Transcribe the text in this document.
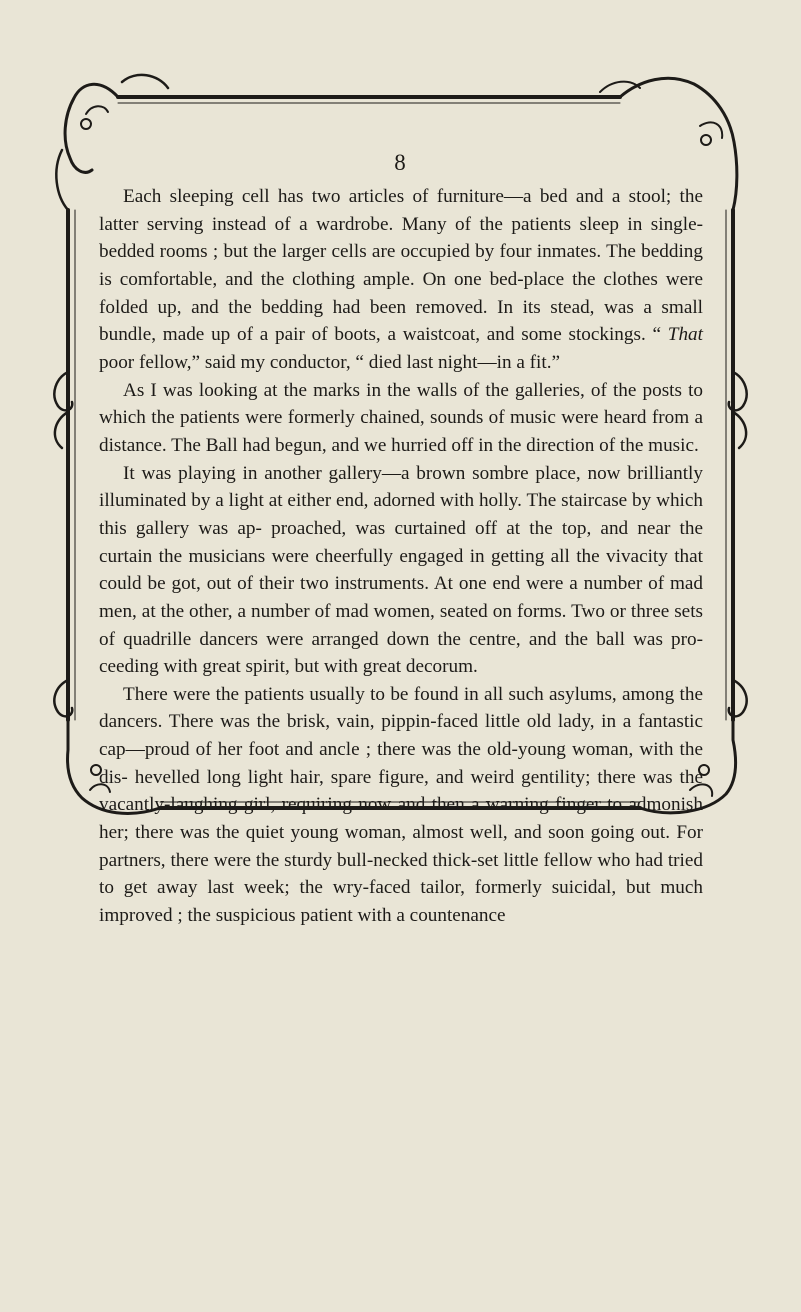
8

Each sleeping cell has two articles of furniture—a bed and a stool; the latter serving instead of a wardrobe. Many of the patients sleep in single-bedded rooms ; but the larger cells are occupied by four inmates. The bedding is comfortable, and the clothing ample. On one bed-place the clothes were folded up, and the bedding had been removed. In its stead, was a small bundle, made up of a pair of boots, a waistcoat, and some stockings. “ That poor fellow,” said my conductor, “ died last night—in a fit.”

As I was looking at the marks in the walls of the galleries, of the posts to which the patients were formerly chained, sounds of music were heard from a distance. The Ball had begun, and we hurried off in the direction of the music.

It was playing in another gallery—a brown sombre place, now brilliantly illuminated by a light at either end, adorned with holly. The staircase by which this gallery was ap- proached, was curtained off at the top, and near the curtain the musicians were cheerfully engaged in getting all the vivacity that could be got, out of their two instruments. At one end were a number of mad men, at the other, a number of mad women, seated on forms. Two or three sets of quadrille dancers were arranged down the centre, and the ball was pro- ceeding with great spirit, but with great decorum.

There were the patients usually to be found in all such asylums, among the dancers. There was the brisk, vain, pippin-faced little old lady, in a fantastic cap—proud of her foot and ancle ; there was the old-young woman, with the dis- hevelled long light hair, spare figure, and weird gentility; there was the vacantly-laughing girl, requiring now and then a warning finger to admonish her; there was the quiet young woman, almost well, and soon going out. For partners, there were the sturdy bull-necked thick-set little fellow who had tried to get away last week; the wry-faced tailor, formerly suicidal, but much improved ; the suspicious patient with a countenance
